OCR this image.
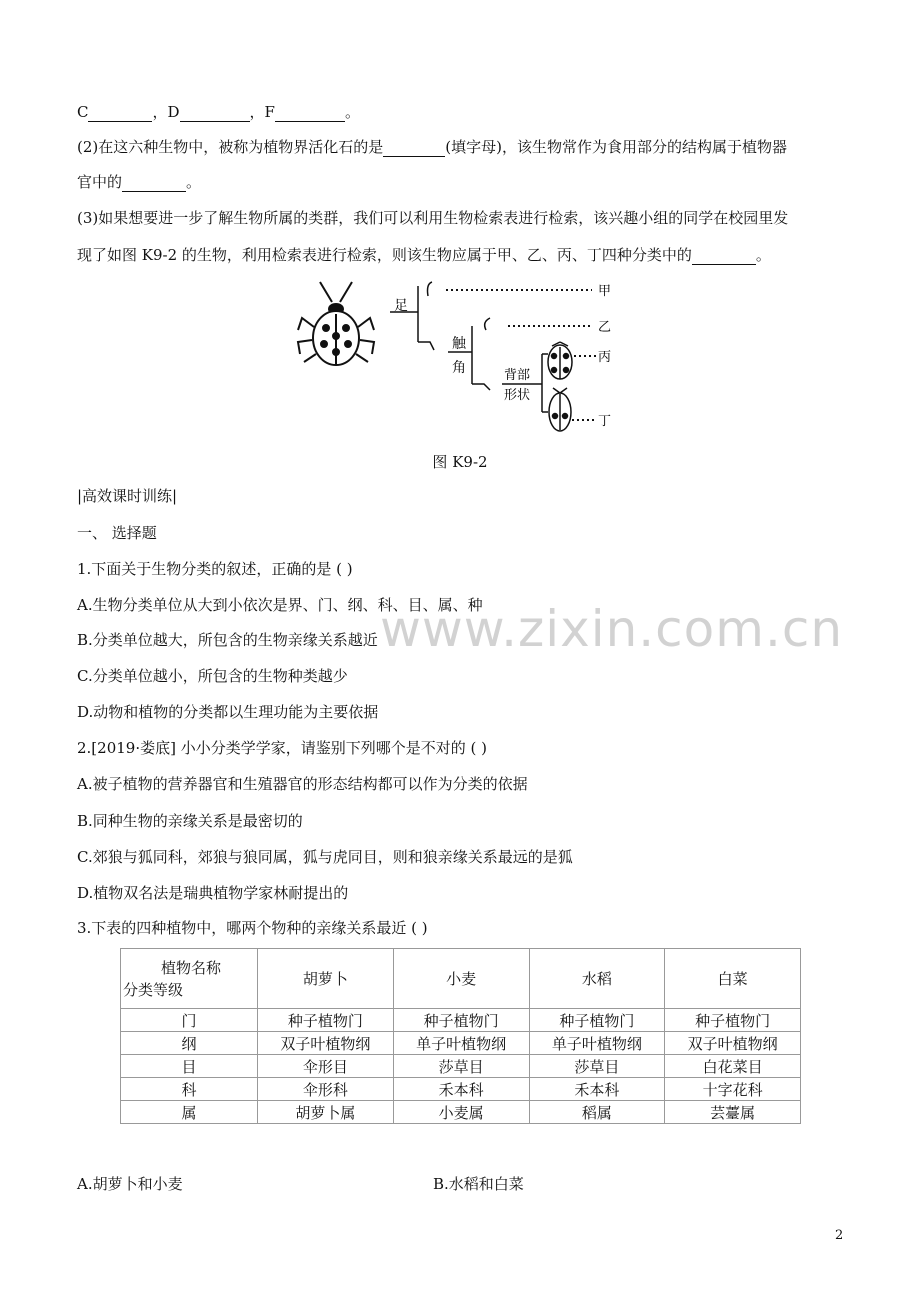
C	，D	，F	。
(2)在这六种生物中，被称为植物界活化石的是	(填字母)，该生物常作为食用部分的结构属于植物器
官中的	。
(3)如果想要进一步了解生物所属的类群，我们可以利用生物检索表进行检索，该兴趣小组的同学在校园里发
现了如图 K9-2 的生物，利用检索表进行检索，则该生物应属于甲、乙、丙、丁四种分类中的	。
足
触
角	背部
形状
甲
乙
丙
丁
图 K9-2
|高效课时训练|
一、 选择题
1.下面关于生物分类的叙述，正确的是 ( )
A.生物分类单位从大到小依次是界、门、纲、科、目、属、种
B.分类单位越大，所包含的生物亲缘关系越近
C.分类单位越小，所包含的生物种类越少
D.动物和植物的分类都以生理功能为主要依据
2.[2019·娄底] 小小分类学学家，请鉴别下列哪个是不对的 ( )
A.被子植物的营养器官和生殖器官的形态结构都可以作为分类的依据
B.同种生物的亲缘关系是最密切的
C.郊狼与狐同科，郊狼与狼同属，狐与虎同目，则和狼亲缘关系最远的是狐
D.植物双名法是瑞典植物学家林耐提出的
3.下表的四种植物中，哪两个物种的亲缘关系最近 ( )
植物名称
分类等级	胡萝卜	小麦	水稻	白菜
门	种子植物门	种子植物门	种子植物门	种子植物门
纲	双子叶植物纲	单子叶植物纲	单子叶植物纲	双子叶植物纲
目	伞形目	莎草目	莎草目	白花菜目
科	伞形科	禾本科	禾本科	十字花科
属	胡萝卜属	小麦属	稻属	芸薹属
A.胡萝卜和小麦	B.水稻和白菜
www.zixin.com.cn
2
